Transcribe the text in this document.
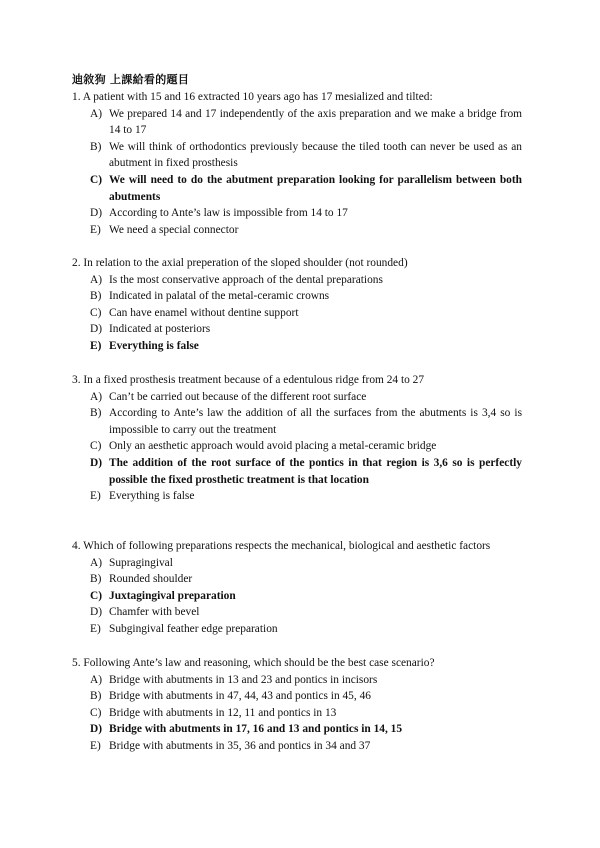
迪敘狗 上課給看的題目
1. A patient with 15 and 16 extracted 10 years ago has 17 mesialized and tilted:
A) We prepared 14 and 17 independently of the axis preparation and we make a bridge from 14 to 17
B) We will think of orthodontics previously because the tiled tooth can never be used as an abutment in fixed prosthesis
C) We will need to do the abutment preparation looking for parallelism between both abutments
D) According to Ante’s law is impossible from 14 to 17
E) We need a special connector
2. In relation to the axial preperation of the sloped shoulder (not rounded)
A) Is the most conservative approach of the dental preparations
B) Indicated in palatal of the metal-ceramic crowns
C) Can have enamel without dentine support
D) Indicated at posteriors
E) Everything is false
3. In a fixed prosthesis treatment because of a edentulous ridge from 24 to 27
A) Can’t be carried out because of the different root surface
B) According to Ante’s law the addition of all the surfaces from the abutments is 3,4 so is impossible to carry out the treatment
C) Only an aesthetic approach would avoid placing a metal-ceramic bridge
D) The addition of the root surface of the pontics in that region is 3,6 so is perfectly possible the fixed prosthetic treatment is that location
E) Everything is false
4. Which of following preparations respects the mechanical, biological and aesthetic factors
A) Supragingival
B) Rounded shoulder
C) Juxtagingival preparation
D) Chamfer with bevel
E) Subgingival feather edge preparation
5. Following Ante’s law and reasoning, which should be the best case scenario?
A) Bridge with abutments in 13 and 23 and pontics in incisors
B) Bridge with abutments in 47, 44, 43 and pontics in 45, 46
C) Bridge with abutments in 12, 11 and pontics in 13
D) Bridge with abutments in 17, 16 and 13 and pontics in 14, 15
E) Bridge with abutments in 35, 36 and pontics in 34 and 37
